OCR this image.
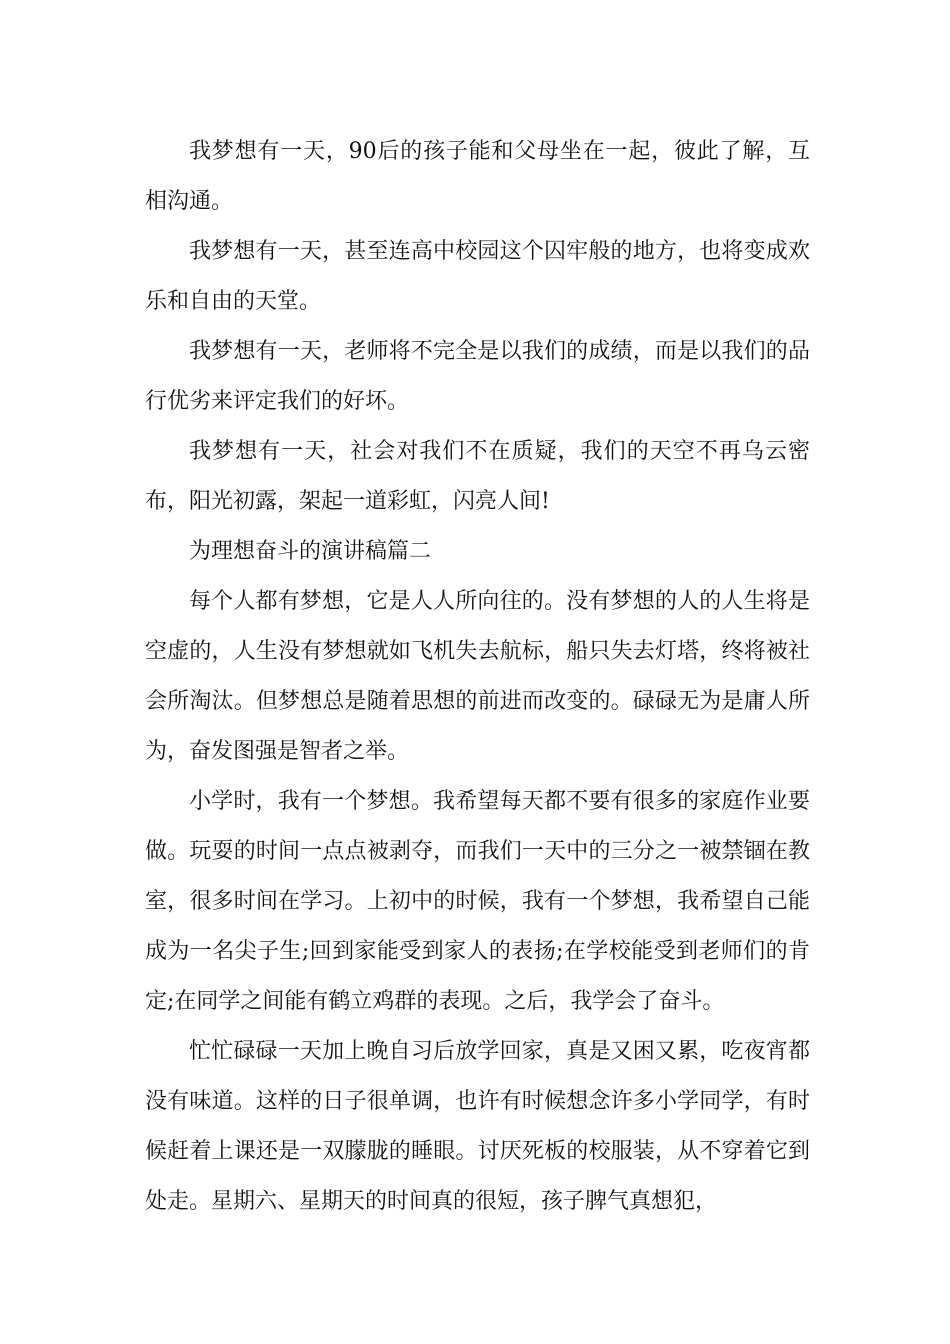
我梦想有一天，90后的孩子能和父母坐在一起，彼此了解，互相沟通。

我梦想有一天，甚至连高中校园这个囚牢般的地方，也将变成欢乐和自由的天堂。

我梦想有一天，老师将不完全是以我们的成绩，而是以我们的品行优劣来评定我们的好坏。

我梦想有一天，社会对我们不在质疑，我们的天空不再乌云密布，阳光初露，架起一道彩虹，闪亮人间!

为理想奋斗的演讲稿篇二

每个人都有梦想，它是人人所向往的。没有梦想的人的人生将是空虚的，人生没有梦想就如飞机失去航标，船只失去灯塔，终将被社会所淘汰。但梦想总是随着思想的前进而改变的。碌碌无为是庸人所为，奋发图强是智者之举。

小学时，我有一个梦想。我希望每天都不要有很多的家庭作业要做。玩耍的时间一点点被剥夺，而我们一天中的三分之一被禁锢在教室，很多时间在学习。上初中的时候，我有一个梦想，我希望自己能成为一名尖子生;回到家能受到家人的表扬;在学校能受到老师们的肯定;在同学之间能有鹤立鸡群的表现。之后，我学会了奋斗。

忙忙碌碌一天加上晚自习后放学回家，真是又困又累，吃夜宵都没有味道。这样的日子很单调，也许有时候想念许多小学同学，有时候赶着上课还是一双朦胧的睡眼。讨厌死板的校服装，从不穿着它到处走。星期六、星期天的时间真的很短，孩子脾气真想犯，
